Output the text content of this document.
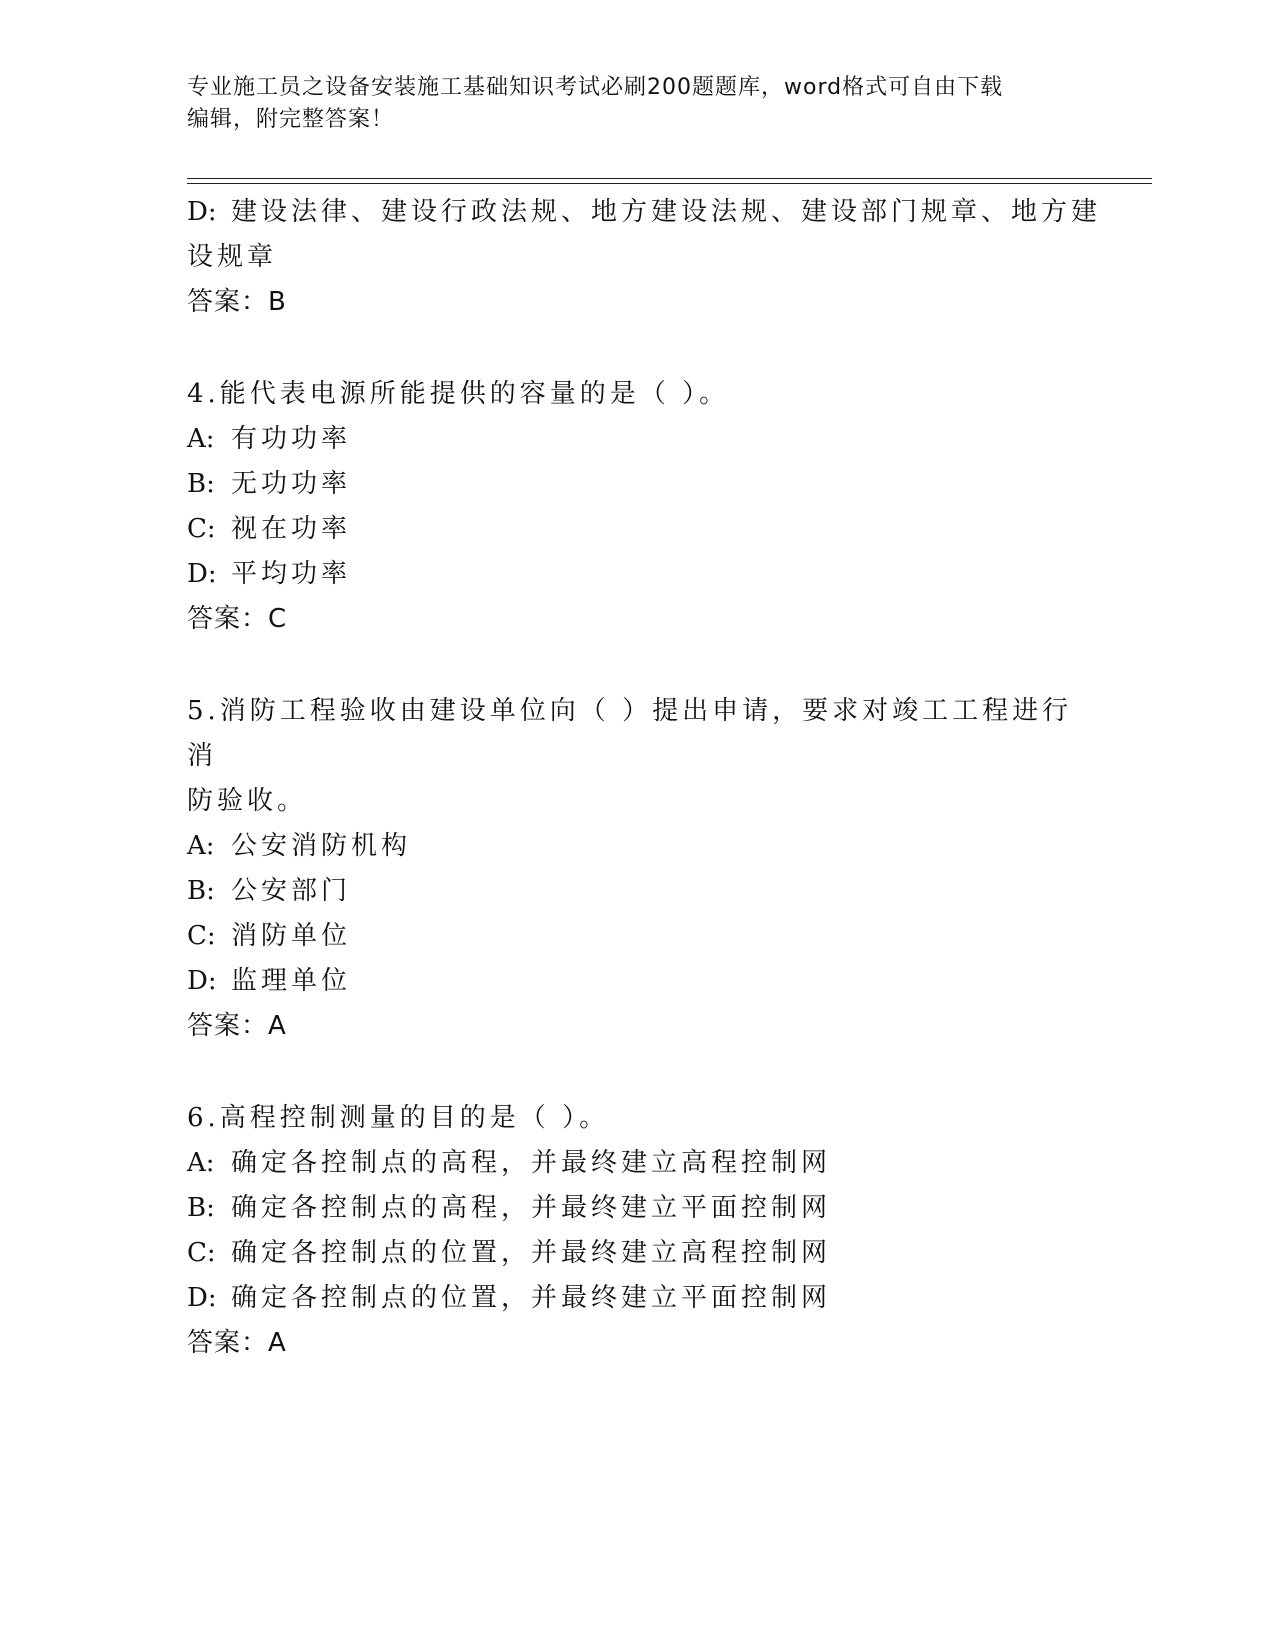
专业施工员之设备安装施工基础知识考试必刷200题题库，word格式可自由下载
编辑，附完整答案！
D: 建设法律、建设行政法规、地方建设法规、建设部门规章、地方建
设规章
答案：B
4.能代表电源所能提供的容量的是（ ）。
A: 有功功率
B: 无功功率
C: 视在功率
D: 平均功率
答案：C
5.消防工程验收由建设单位向（ ）提出申请，要求对竣工工程进行消
防验收。
A: 公安消防机构
B: 公安部门
C: 消防单位
D: 监理单位
答案：A
6.高程控制测量的目的是（ ）。
A: 确定各控制点的高程，并最终建立高程控制网
B: 确定各控制点的高程，并最终建立平面控制网
C: 确定各控制点的位置，并最终建立高程控制网
D: 确定各控制点的位置，并最终建立平面控制网
答案：A
